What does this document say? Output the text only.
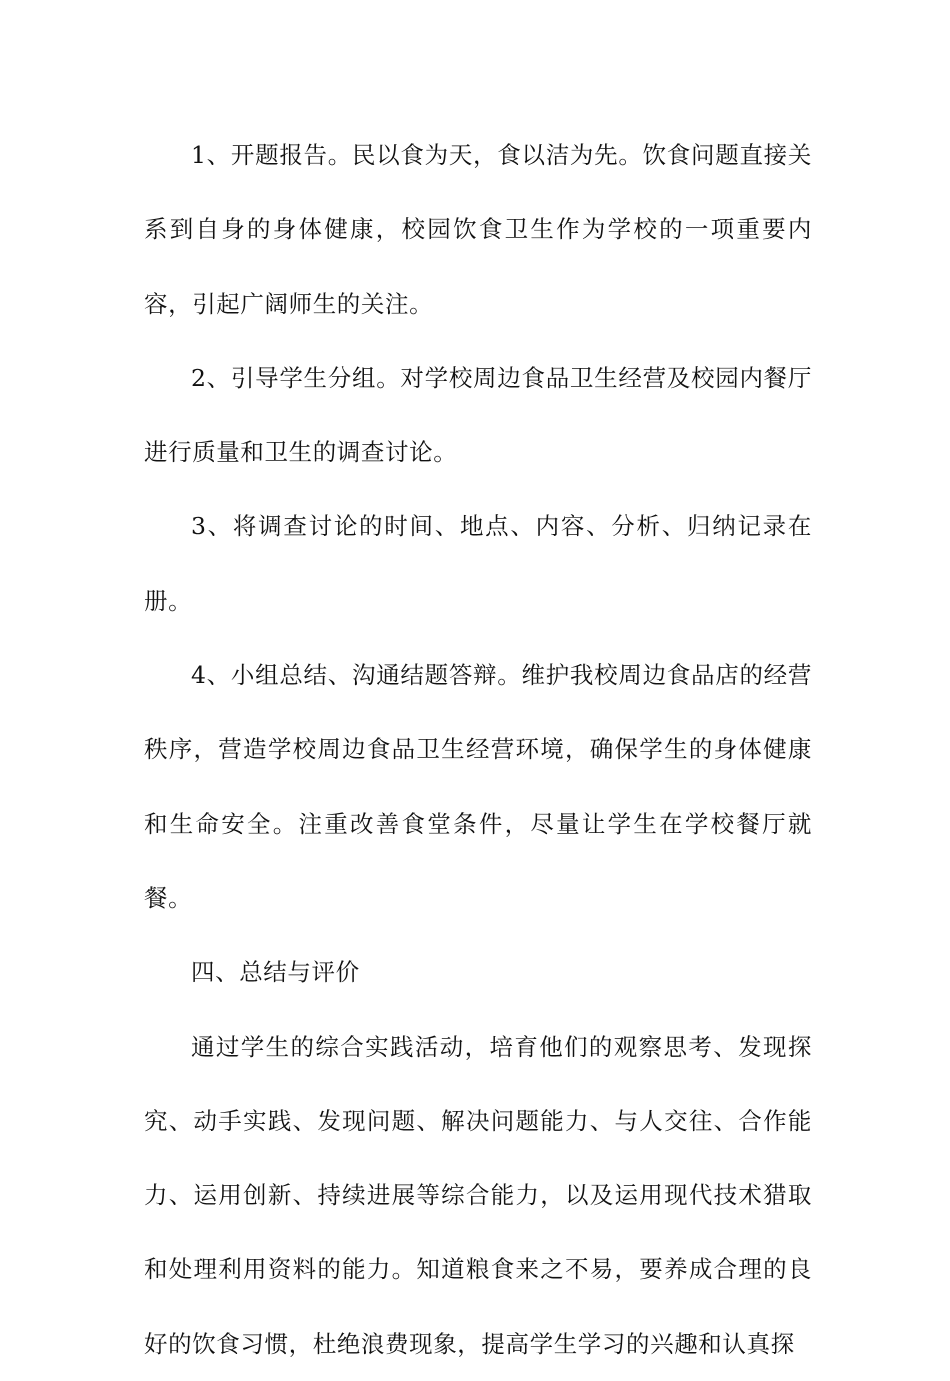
1、开题报告。民以食为天，食以洁为先。饮食问题直接关系到自身的身体健康，校园饮食卫生作为学校的一项重要内容，引起广阔师生的关注。

2、引导学生分组。对学校周边食品卫生经营及校园内餐厅进行质量和卫生的调查讨论。

3、将调查讨论的时间、地点、内容、分析、归纳记录在册。

4、小组总结、沟通结题答辩。维护我校周边食品店的经营秩序，营造学校周边食品卫生经营环境，确保学生的身体健康和生命安全。注重改善食堂条件，尽量让学生在学校餐厅就餐。

四、总结与评价

通过学生的综合实践活动，培育他们的观察思考、发现探究、动手实践、发现问题、解决问题能力、与人交往、合作能力、运用创新、持续进展等综合能力，以及运用现代技术猎取和处理利用资料的能力。知道粮食来之不易，要养成合理的良好的饮食习惯，杜绝浪费现象，提高学生学习的兴趣和认真探
